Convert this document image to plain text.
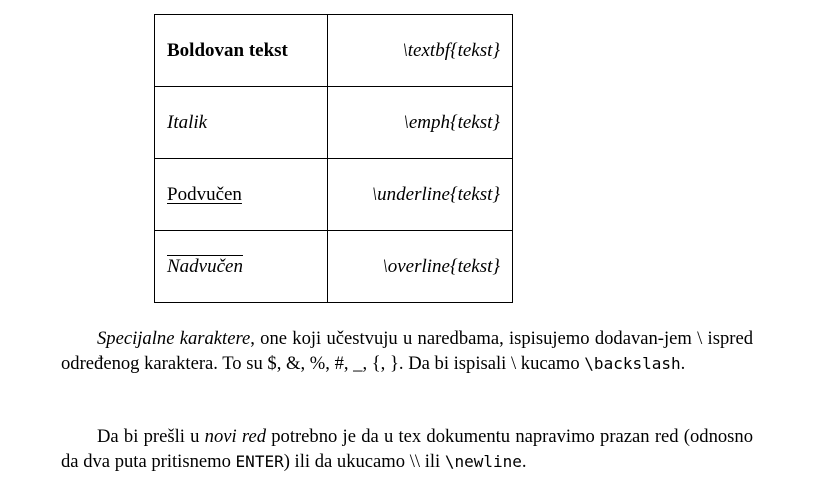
Boldovan tekst	\textbf{tekst}
Italik	\emph{tekst}
Podvučen	\underline{tekst}
Nadvučen	\overline{tekst}
Specijalne karaktere, one koji učestvuju u naredbama, ispisujemo dodavan-jem \ ispred određenog karaktera. To su $, &, %, #, _, {, }. Da bi ispisali \ kucamo \backslash.
Da bi prešli u novi red potrebno je da u tex dokumentu napravimo prazan red (odnosno da dva puta pritisnemo ENTER) ili da ukucamo \\ ili \newline.
